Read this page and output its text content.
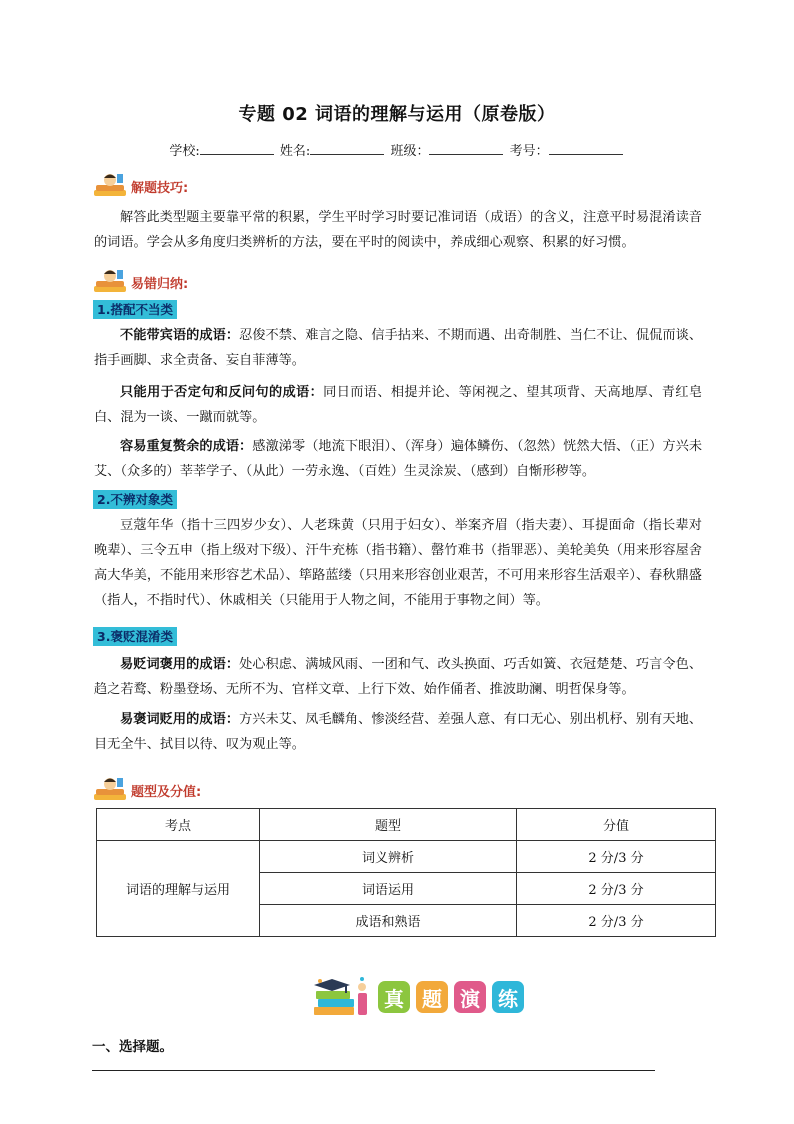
专题 02 词语的理解与运用（原卷版）
学校:	姓名:	班级：	考号：
解题技巧:
解答此类型题主要靠平常的积累，学生平时学习时要记准词语（成语）的含义，注意平时易混淆读音的词语。学会从多角度归类辨析的方法，要在平时的阅读中，养成细心观察、积累的好习惯。
易错归纳:
1.搭配不当类
不能带宾语的成语：忍俊不禁、难言之隐、信手拈来、不期而遇、出奇制胜、当仁不让、侃侃而谈、指手画脚、求全责备、妄自菲薄等。
只能用于否定句和反问句的成语：同日而语、相提并论、等闲视之、望其项背、天高地厚、青红皂白、混为一谈、一蹴而就等。
容易重复赘余的成语：感激涕零（地流下眼泪）、（浑身）遍体鳞伤、（忽然）恍然大悟、（正）方兴未艾、（众多的）莘莘学子、（从此）一劳永逸、（百姓）生灵涂炭、（感到）自惭形秽等。
2.不辨对象类
豆蔻年华（指十三四岁少女）、人老珠黄（只用于妇女）、举案齐眉（指夫妻）、耳提面命（指长辈对晚辈）、三令五申（指上级对下级）、汗牛充栋（指书籍）、罄竹难书（指罪恶）、美轮美奂（用来形容屋舍高大华美，不能用来形容艺术品）、筚路蓝缕（只用来形容创业艰苦，不可用来形容生活艰辛）、春秋鼎盛（指人，不指时代）、休戚相关（只能用于人物之间，不能用于事物之间）等。
3.褒贬混淆类
易贬词褒用的成语：处心积虑、满城风雨、一团和气、改头换面、巧舌如簧、衣冠楚楚、巧言令色、趋之若鹜、粉墨登场、无所不为、官样文章、上行下效、始作俑者、推波助澜、明哲保身等。
易褒词贬用的成语：方兴未艾、凤毛麟角、惨淡经营、差强人意、有口无心、别出机杼、别有天地、目无全牛、拭目以待、叹为观止等。
题型及分值:
考点	题型	分值
词语的理解与运用	词义辨析	2 分/3 分
	词语运用	2 分/3 分
	成语和熟语	2 分/3 分
真 题 演 练
一、选择题。
